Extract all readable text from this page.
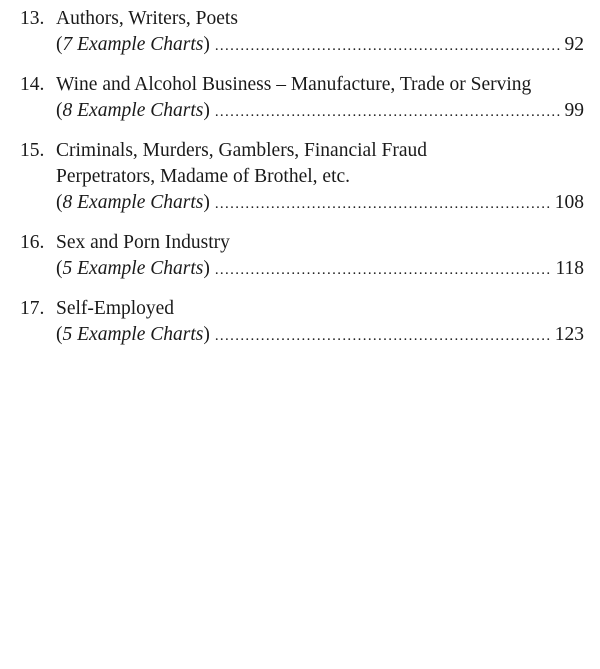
13. Authors, Writers, Poets
(7 Example Charts) . . .	92
14. Wine and Alcohol Business – Manufacture, Trade or Serving
(8 Example Charts) . . .	99
15. Criminals, Murders, Gamblers, Financial Fraud
Perpetrators, Madame of Brothel, etc.
(8 Example Charts) . . .	108
16. Sex and Porn Industry
(5 Example Charts) . . .	118
17. Self-Employed
(5 Example Charts) . . .	123
